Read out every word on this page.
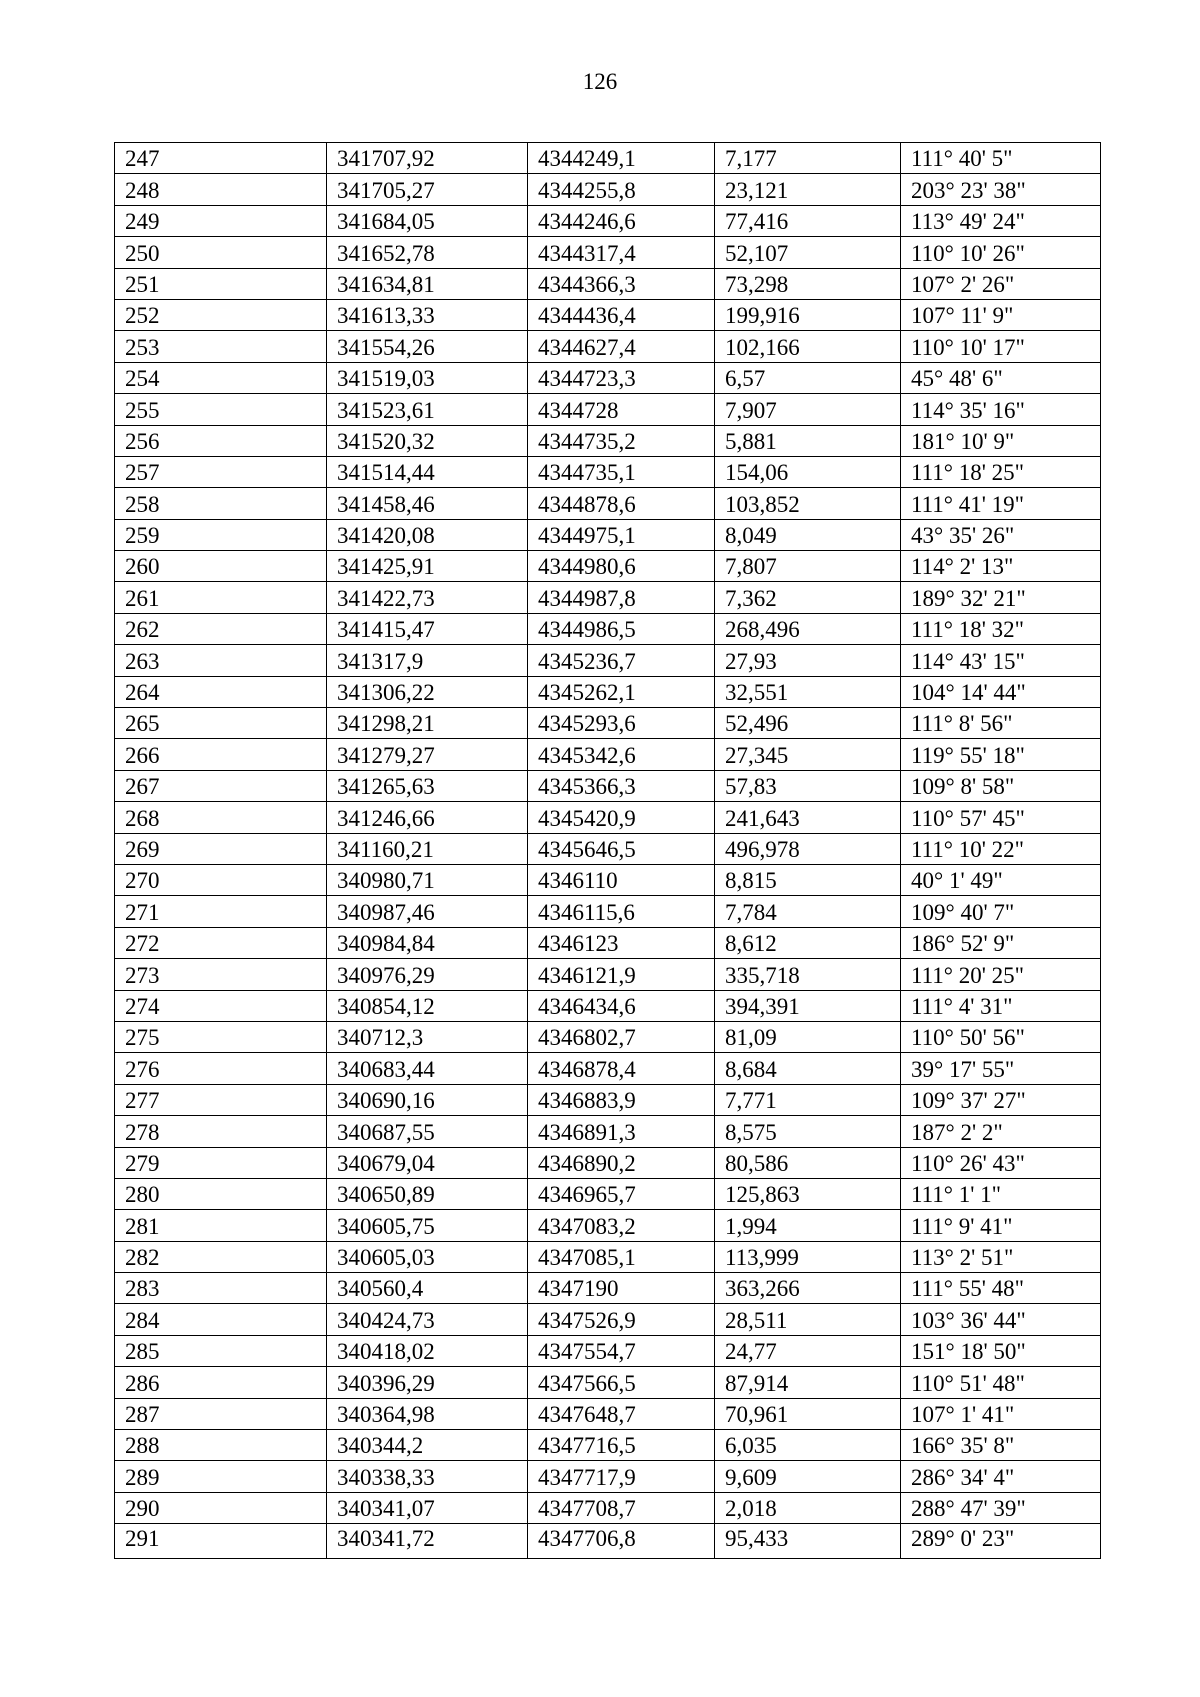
126
247	341707,92	4344249,1	7,177	111° 40' 5"
248	341705,27	4344255,8	23,121	203° 23' 38"
249	341684,05	4344246,6	77,416	113° 49' 24"
250	341652,78	4344317,4	52,107	110° 10' 26"
251	341634,81	4344366,3	73,298	107° 2' 26"
252	341613,33	4344436,4	199,916	107° 11' 9"
253	341554,26	4344627,4	102,166	110° 10' 17"
254	341519,03	4344723,3	6,57	45° 48' 6"
255	341523,61	4344728	7,907	114° 35' 16"
256	341520,32	4344735,2	5,881	181° 10' 9"
257	341514,44	4344735,1	154,06	111° 18' 25"
258	341458,46	4344878,6	103,852	111° 41' 19"
259	341420,08	4344975,1	8,049	43° 35' 26"
260	341425,91	4344980,6	7,807	114° 2' 13"
261	341422,73	4344987,8	7,362	189° 32' 21"
262	341415,47	4344986,5	268,496	111° 18' 32"
263	341317,9	4345236,7	27,93	114° 43' 15"
264	341306,22	4345262,1	32,551	104° 14' 44"
265	341298,21	4345293,6	52,496	111° 8' 56"
266	341279,27	4345342,6	27,345	119° 55' 18"
267	341265,63	4345366,3	57,83	109° 8' 58"
268	341246,66	4345420,9	241,643	110° 57' 45"
269	341160,21	4345646,5	496,978	111° 10' 22"
270	340980,71	4346110	8,815	40° 1' 49"
271	340987,46	4346115,6	7,784	109° 40' 7"
272	340984,84	4346123	8,612	186° 52' 9"
273	340976,29	4346121,9	335,718	111° 20' 25"
274	340854,12	4346434,6	394,391	111° 4' 31"
275	340712,3	4346802,7	81,09	110° 50' 56"
276	340683,44	4346878,4	8,684	39° 17' 55"
277	340690,16	4346883,9	7,771	109° 37' 27"
278	340687,55	4346891,3	8,575	187° 2' 2"
279	340679,04	4346890,2	80,586	110° 26' 43"
280	340650,89	4346965,7	125,863	111° 1' 1"
281	340605,75	4347083,2	1,994	111° 9' 41"
282	340605,03	4347085,1	113,999	113° 2' 51"
283	340560,4	4347190	363,266	111° 55' 48"
284	340424,73	4347526,9	28,511	103° 36' 44"
285	340418,02	4347554,7	24,77	151° 18' 50"
286	340396,29	4347566,5	87,914	110° 51' 48"
287	340364,98	4347648,7	70,961	107° 1' 41"
288	340344,2	4347716,5	6,035	166° 35' 8"
289	340338,33	4347717,9	9,609	286° 34' 4"
290	340341,07	4347708,7	2,018	288° 47' 39"
291	340341,72	4347706,8	95,433	289° 0' 23"
